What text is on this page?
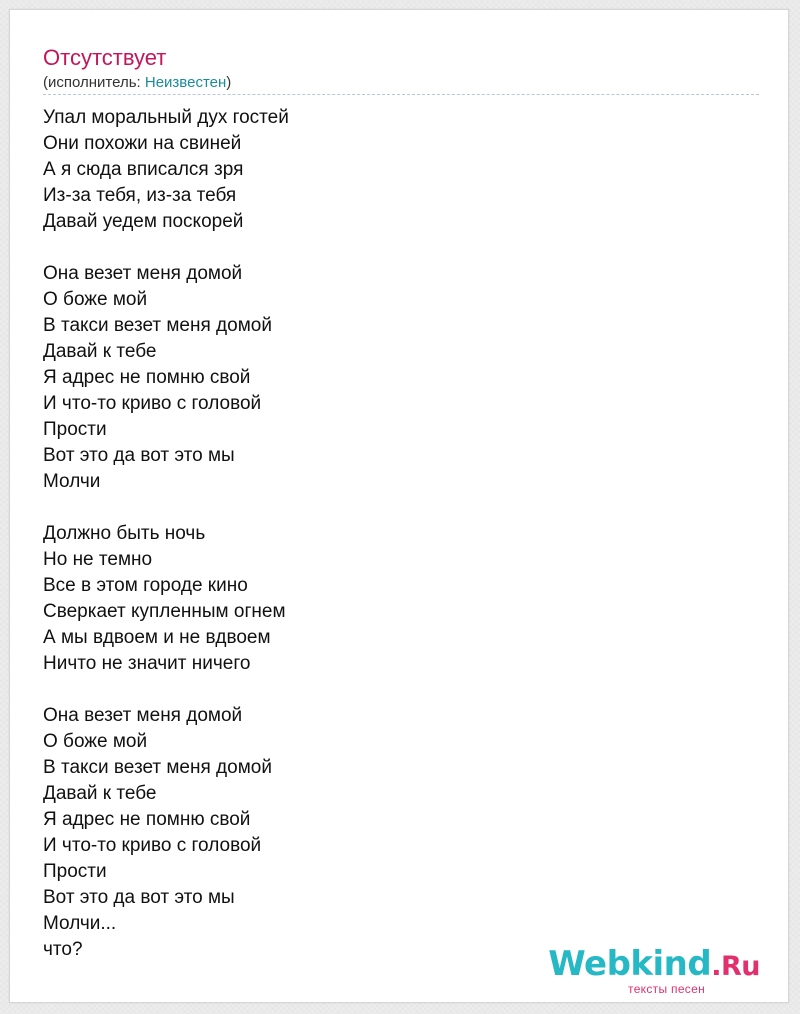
Отсутствует
(исполнитель: Неизвестен)
Упал моральный дух гостей
Они похожи на свиней
А я сюда вписался зря
Из-за тебя, из-за тебя
Давай уедем поскорей
Она везет меня домой
О боже мой
В такси везет меня домой
Давай к тебе
Я адрес не помню свой
И что-то криво с головой
Прости
Вот это да вот это мы
Молчи
Должно быть ночь
Но не темно
Все в этом городе кино
Сверкает купленным огнем
А мы вдвоем и не вдвоем
Ничто не значит ничего
Она везет меня домой
О боже мой
В такси везет меня домой
Давай к тебе
Я адрес не помню свой
И что-то криво с головой
Прости
Вот это да вот это мы
Молчи...
что?	Webkind.Ru
тексты песен
